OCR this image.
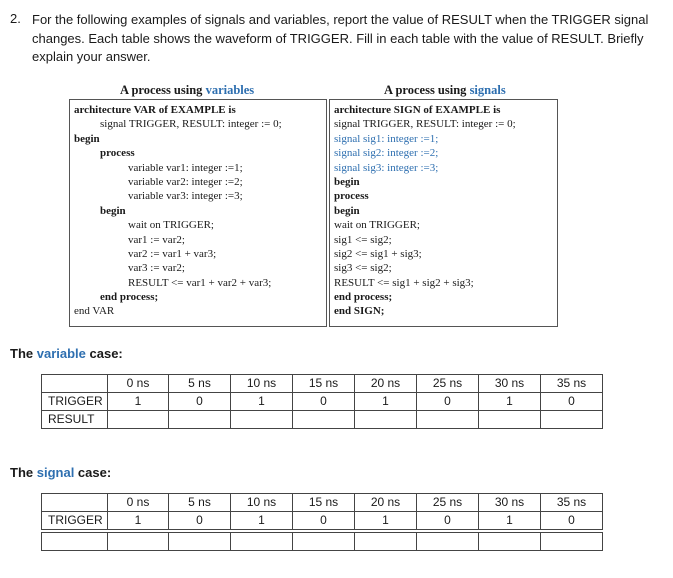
2. For the following examples of signals and variables, report the value of RESULT when the TRIGGER signal changes. Each table shows the waveform of TRIGGER. Fill in each table with the value of RESULT. Briefly explain your answer.
A process using variables	A process using signals
architecture VAR of EXAMPLE is
signal TRIGGER, RESULT: integer := 0;
begin
process
variable var1: integer :=1;
variable var2: integer :=2;
variable var3: integer :=3;
begin
wait on TRIGGER;
var1 := var2;
var2 := var1 + var3;
var3 := var2;
RESULT <= var1 + var2 + var3;
end process;
end VAR
architecture SIGN of EXAMPLE is
signal TRIGGER, RESULT: integer := 0;
signal sig1: integer :=1;
signal sig2: integer :=2;
signal sig3: integer :=3;
begin
process
begin
wait on TRIGGER;
sig1 <= sig2;
sig2 <= sig1 + sig3;
sig3 <= sig2;
RESULT <= sig1 + sig2 + sig3;
end process;
end SIGN;
The variable case:
	0 ns	5 ns	10 ns	15 ns	20 ns	25 ns	30 ns	35 ns
TRIGGER	1	0	1	0	1	0	1	0
RESULT								
The signal case:
	0 ns	5 ns	10 ns	15 ns	20 ns	25 ns	30 ns	35 ns
TRIGGER	1	0	1	0	1	0	1	0
